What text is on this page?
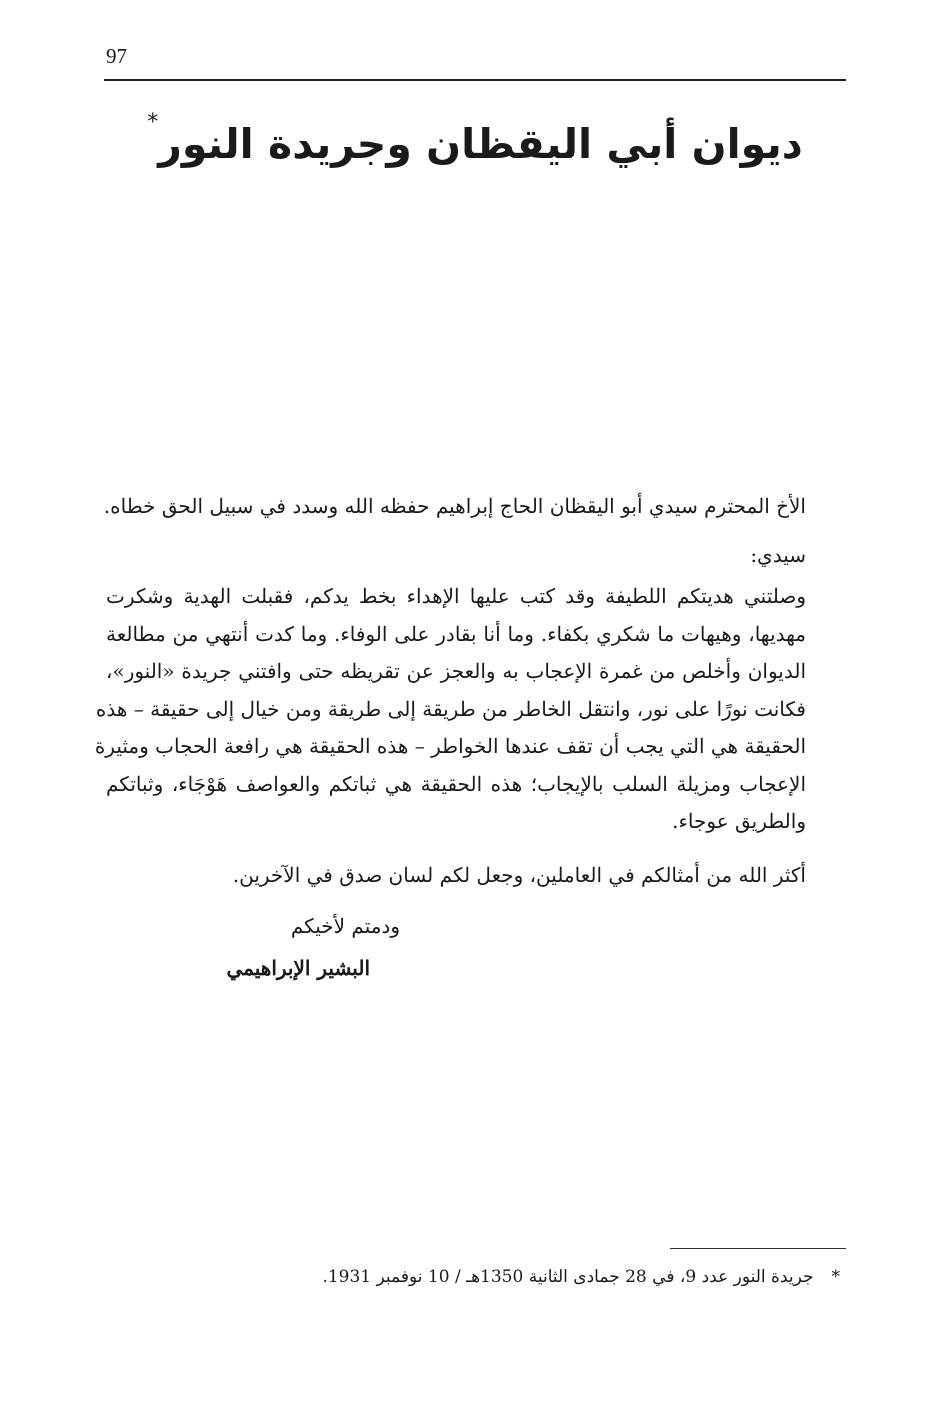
97
ديوان أبي اليقظان وجريدة النور*
الأخ المحترم سيدي أبو اليقظان الحاج إبراهيم حفظه الله وسدد في سبيل الحق خطاه.
سيدي:
وصلتني هديتكم اللطيفة وقد كتب عليها الإهداء بخط يدكم، فقبلت الهدية وشكرت
مهديها، وهيهات ما شكري بكفاء. وما أنا بقادر على الوفاء. وما كدت أنتهي من مطالعة
الديوان وأخلص من غمرة الإعجاب به والعجز عن تقريظه حتى وافتني جريدة «النور»،
فكانت نورًا على نور، وانتقل الخاطر من طريقة إلى طريقة ومن خيال إلى حقيقة – هذه
الحقيقة هي التي يجب أن تقف عندها الخواطر – هذه الحقيقة هي رافعة الحجاب ومثيرة
الإعجاب ومزيلة السلب بالإيجاب؛ هذه الحقيقة هي ثباتكم والعواصف هَوْجَاء، وثباتكم
والطريق عوجاء.
أكثر الله من أمثالكم في العاملين، وجعل لكم لسان صدق في الآخرين.
ودمتم لأخيكم
البشير الإبراهيمي
*جريدة النور عدد 9، في 28 جمادى الثانية 1350هـ / 10 نوفمبر 1931.
